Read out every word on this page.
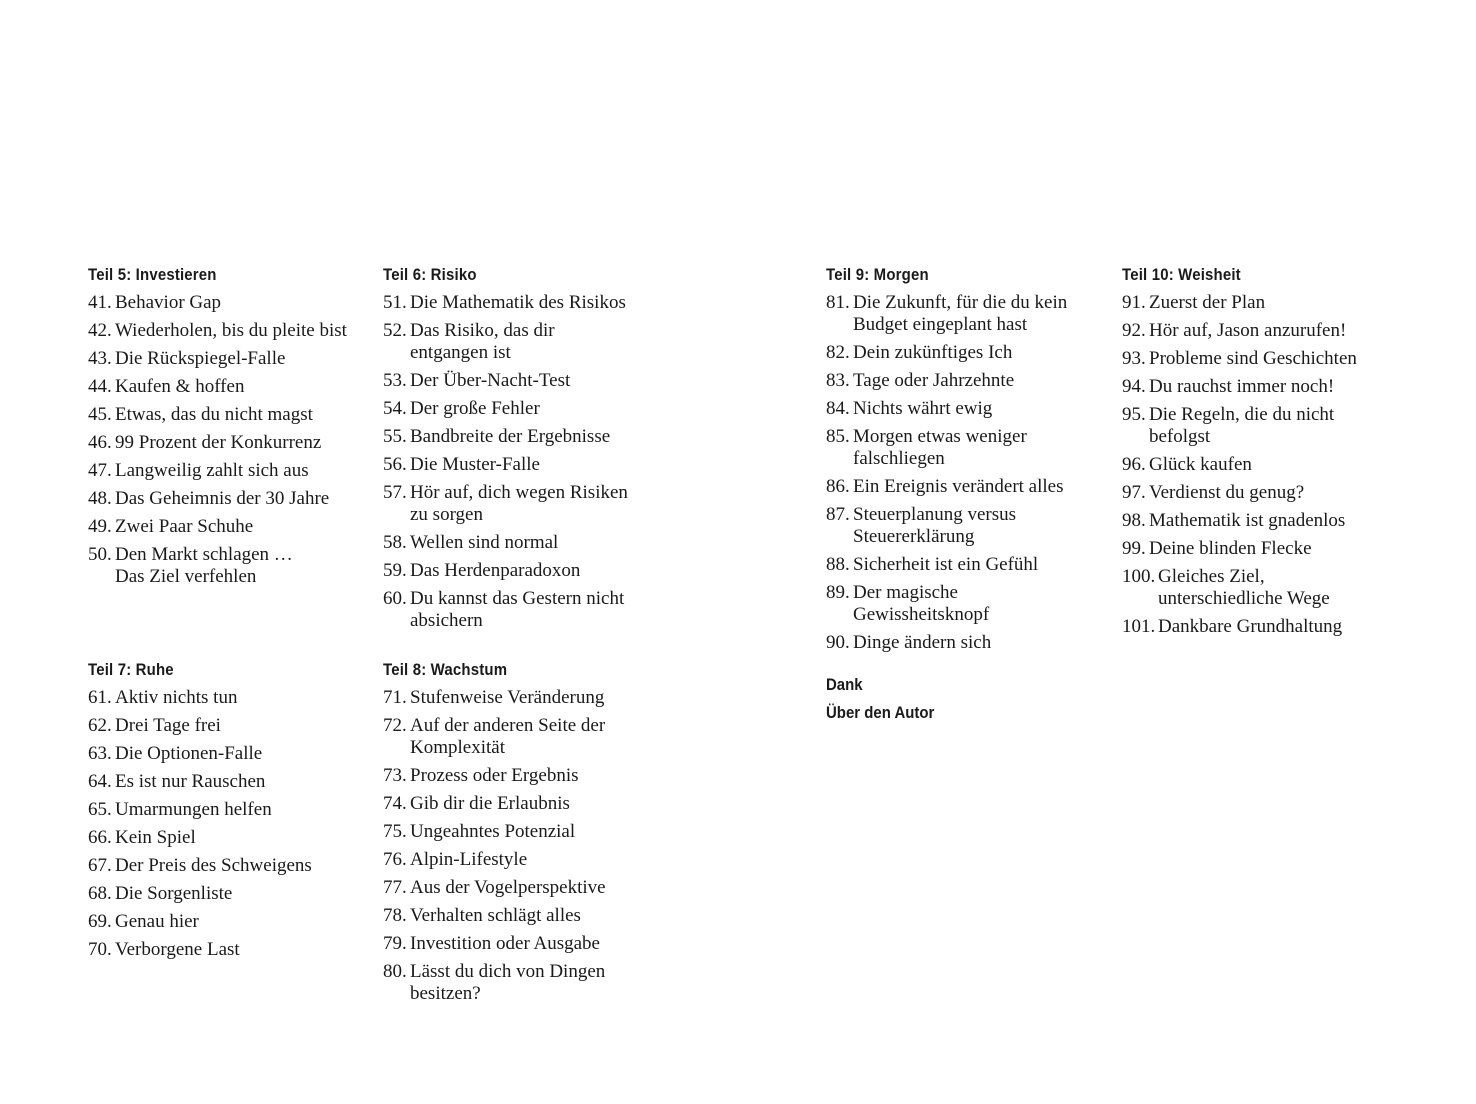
Teil 5: Investieren
41. Behavior Gap
42. Wiederholen, bis du pleite bist
43. Die Rückspiegel-Falle
44. Kaufen & hoffen
45. Etwas, das du nicht magst
46. 99 Prozent der Konkurrenz
47. Langweilig zahlt sich aus
48. Das Geheimnis der 30 Jahre
49. Zwei Paar Schuhe
50. Den Markt schlagen … Das Ziel verfehlen
Teil 6: Risiko
51. Die Mathematik des Risikos
52. Das Risiko, das dir entgangen ist
53. Der Über-Nacht-Test
54. Der große Fehler
55. Bandbreite der Ergebnisse
56. Die Muster-Falle
57. Hör auf, dich wegen Risiken zu sorgen
58. Wellen sind normal
59. Das Herdenparadoxon
60. Du kannst das Gestern nicht absichern
Teil 7: Ruhe
61. Aktiv nichts tun
62. Drei Tage frei
63. Die Optionen-Falle
64. Es ist nur Rauschen
65. Umarmungen helfen
66. Kein Spiel
67. Der Preis des Schweigens
68. Die Sorgenliste
69. Genau hier
70. Verborgene Last
Teil 8: Wachstum
71. Stufenweise Veränderung
72. Auf der anderen Seite der Komplexität
73. Prozess oder Ergebnis
74. Gib dir die Erlaubnis
75. Ungeahntes Potenzial
76. Alpin-Lifestyle
77. Aus der Vogelperspektive
78. Verhalten schlägt alles
79. Investition oder Ausgabe
80. Lässt du dich von Dingen besitzen?
Teil 9: Morgen
81. Die Zukunft, für die du kein Budget eingeplant hast
82. Dein zukünftiges Ich
83. Tage oder Jahrzehnte
84. Nichts währt ewig
85. Morgen etwas weniger falschliegen
86. Ein Ereignis verändert alles
87. Steuerplanung versus Steuererklärung
88. Sicherheit ist ein Gefühl
89. Der magische Gewissheitsknopf
90. Dinge ändern sich
Dank
Über den Autor
Teil 10: Weisheit
91. Zuerst der Plan
92. Hör auf, Jason anzurufen!
93. Probleme sind Geschichten
94. Du rauchst immer noch!
95. Die Regeln, die du nicht befolgst
96. Glück kaufen
97. Verdienst du genug?
98. Mathematik ist gnadenlos
99. Deine blinden Flecke
100. Gleiches Ziel, unterschiedliche Wege
101. Dankbare Grundhaltung
